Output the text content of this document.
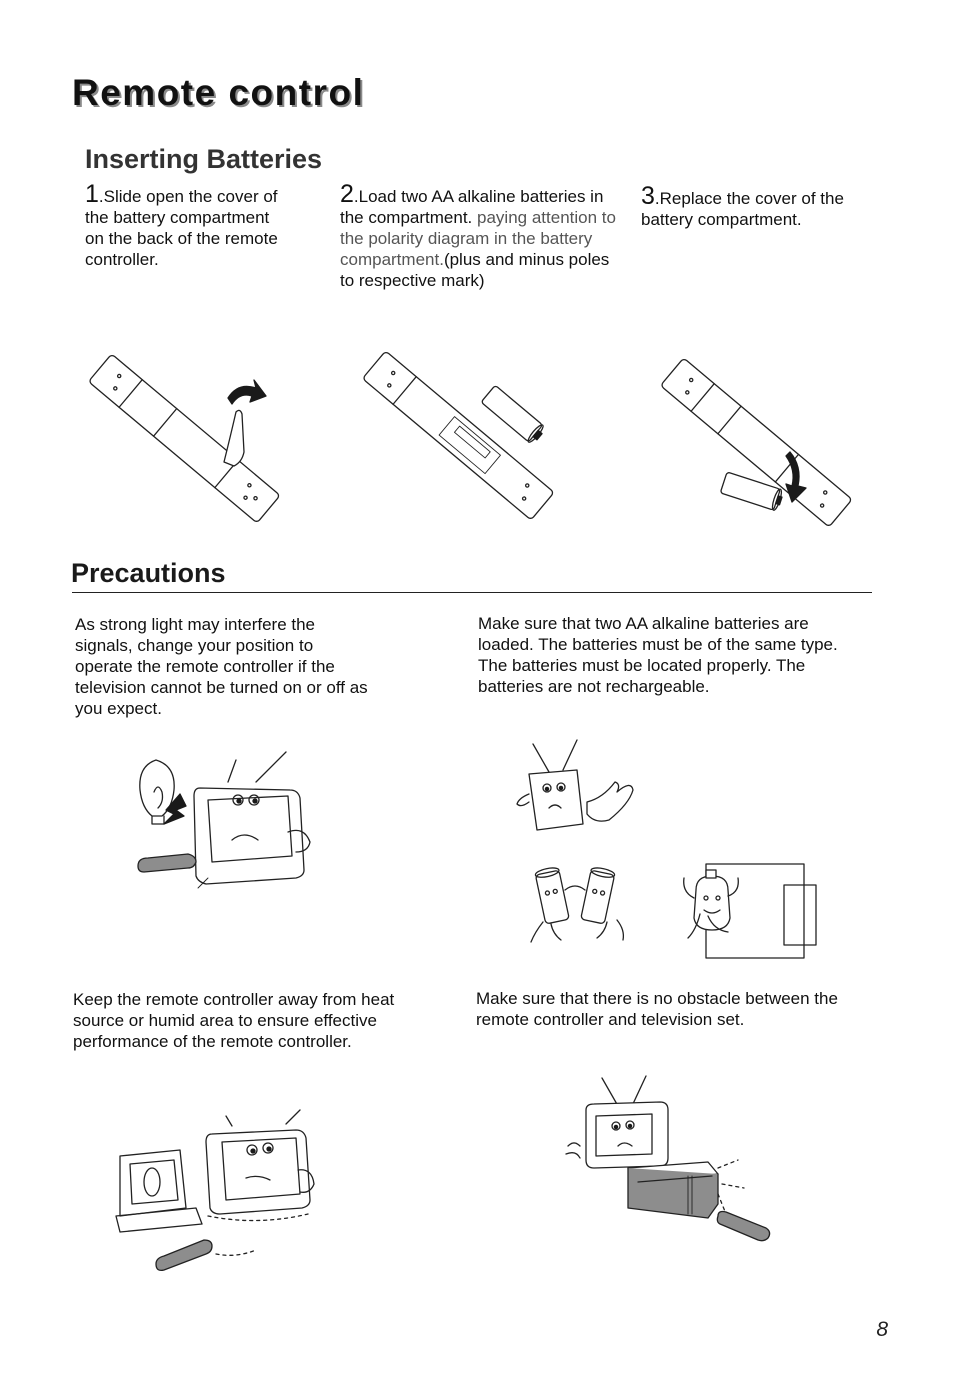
Remote control
Inserting Batteries
1.Slide open the cover of the battery compartment on the back of the remote controller.
2.Load two AA alkaline batteries in the compartment. paying attention to the polarity diagram in the battery compartment.(plus and minus poles to respective mark)
3.Replace the cover of the battery compartment.
Precautions
As strong light may interfere the signals, change your position to operate the remote controller if the television cannot be turned on or off as you expect.
Make sure that two AA alkaline batteries are loaded. The batteries must be of the same type. The batteries must be located properly. The batteries are not rechargeable.
Keep the remote controller away from heat source or humid area to ensure effective performance of the remote controller.
Make sure that there is no obstacle between the remote controller and television set.
8
